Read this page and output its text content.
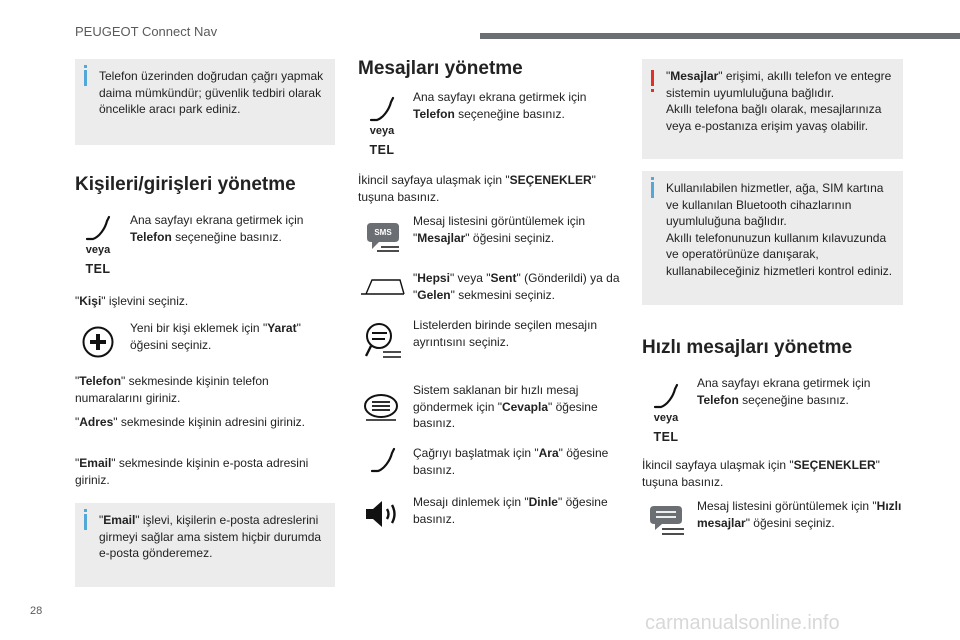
PEUGEOT Connect Nav
Telefon üzerinden doğrudan çağrı yapmak daima mümkündür; güvenlik tedbiri olarak öncelikle aracı park ediniz.
Kişileri/girişleri yönetme
veya
TEL
Ana sayfayı ekrana getirmek için Telefon seçeneğine basınız.
"Kişi" işlevini seçiniz.
Yeni bir kişi eklemek için "Yarat" öğesini seçiniz.
"Telefon" sekmesinde kişinin telefon numaralarını giriniz.
"Adres" sekmesinde kişinin adresini giriniz.
"Email" sekmesinde kişinin e-posta adresini giriniz.
"Email" işlevi, kişilerin e-posta adreslerini girmeyi sağlar ama sistem hiçbir durumda e-posta gönderemez.
Mesajları yönetme
veya
TEL
Ana sayfayı ekrana getirmek için Telefon seçeneğine basınız.
İkincil sayfaya ulaşmak için "SEÇENEKLER" tuşuna basınız.
SMS
Mesaj listesini görüntülemek için "Mesajlar" öğesini seçiniz.
"Hepsi" veya "Sent" (Gönderildi) ya da "Gelen" sekmesini seçiniz.
Listelerden birinde seçilen mesajın ayrıntısını seçiniz.
Sistem saklanan bir hızlı mesaj göndermek için "Cevapla" öğesine basınız.
Çağrıyı başlatmak için "Ara" öğesine basınız.
Mesajı dinlemek için "Dinle" öğesine basınız.
"Mesajlar" erişimi, akıllı telefon ve entegre sistemin uyumluluğuna bağlıdır.
Akıllı telefona bağlı olarak, mesajlarınıza veya e-postanıza erişim yavaş olabilir.
Kullanılabilen hizmetler, ağa, SIM kartına ve kullanılan Bluetooth cihazlarının uyumluluğuna bağlıdır.
Akıllı telefonunuzun kullanım kılavuzunda ve operatörünüze danışarak, kullanabileceğiniz hizmetleri kontrol ediniz.
Hızlı mesajları yönetme
veya
TEL
Ana sayfayı ekrana getirmek için Telefon seçeneğine basınız.
İkincil sayfaya ulaşmak için "SEÇENEKLER" tuşuna basınız.
Mesaj listesini görüntülemek için "Hızlı mesajlar" öğesini seçiniz.
28
carmanualsonline.info
